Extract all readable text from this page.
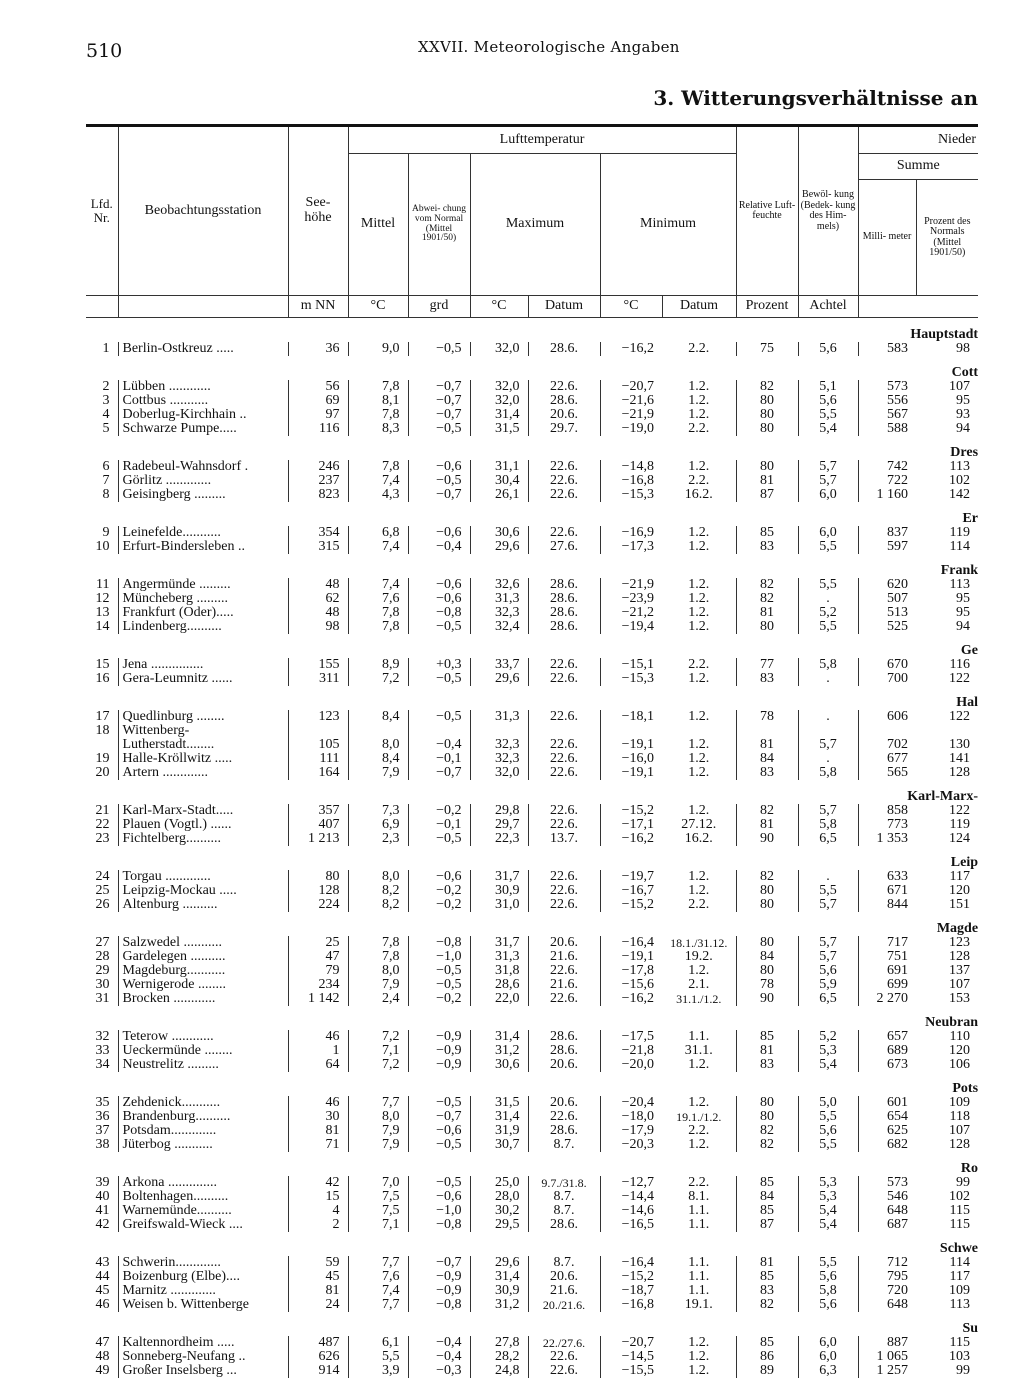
510	XXVII. Meteorologische Angaben
3. Witterungsverhältnisse an
Lfd. Nr.	Beobachtungsstation	See- höhe	Lufttemperatur						Relative Luft- feuchte	Bewöl- kung (Bedek- kung des Him- mels)	Nieder	
			Mittel	Abwei- chung vom Normal (Mittel 1901/50)	Maximum		Minimum				Summe	
											Milli- meter	Prozent des Normals (Mittel 1901/50)
		m NN	°C	grd	°C	Datum	°C	Datum	Prozent	Achtel		
Hauptstadt												
1	Berlin-Ostkreuz .....	36	9,0	−0,5	32,0	28.6.	−16,2	2.2.	75	5,6	583	98
Cott												
2	Lübben ............	56	7,8	−0,7	32,0	22.6.	−20,7	1.2.	82	5,1	573	107
3	Cottbus ...........	69	8,1	−0,7	32,0	28.6.	−21,6	1.2.	80	5,6	556	95
4	Doberlug-Kirchhain ..	97	7,8	−0,7	31,4	20.6.	−21,9	1.2.	80	5,5	567	93
5	Schwarze Pumpe.....	116	8,3	−0,5	31,5	29.7.	−19,0	2.2.	80	5,4	588	94
Dres												
6	Radebeul-Wahnsdorf .	246	7,8	−0,6	31,1	22.6.	−14,8	1.2.	80	5,7	742	113
7	Görlitz .............	237	7,4	−0,5	30,4	22.6.	−16,8	2.2.	81	5,7	722	102
8	Geisingberg .........	823	4,3	−0,7	26,1	22.6.	−15,3	16.2.	87	6,0	1 160	142
Er												
9	Leinefelde...........	354	6,8	−0,6	30,6	22.6.	−16,9	1.2.	85	6,0	837	119
10	Erfurt-Bindersleben ..	315	7,4	−0,4	29,6	27.6.	−17,3	1.2.	83	5,5	597	114
Frank												
11	Angermünde .........	48	7,4	−0,6	32,6	28.6.	−21,9	1.2.	82	5,5	620	113
12	Müncheberg .........	62	7,6	−0,6	31,3	28.6.	−23,9	1.2.	82	.	507	95
13	Frankfurt (Oder).....	48	7,8	−0,8	32,3	28.6.	−21,2	1.2.	81	5,2	513	95
14	Lindenberg..........	98	7,8	−0,5	32,4	28.6.	−19,4	1.2.	80	5,5	525	94
Ge												
15	Jena ...............	155	8,9	+0,3	33,7	22.6.	−15,1	2.2.	77	5,8	670	116
16	Gera-Leumnitz ......	311	7,2	−0,5	29,6	22.6.	−15,3	1.2.	83	.	700	122
Hal												
17	Quedlinburg ........	123	8,4	−0,5	31,3	22.6.	−18,1	1.2.	78	.	606	122
18	Wittenberg-											
	Lutherstadt........	105	8,0	−0,4	32,3	22.6.	−19,1	1.2.	81	5,7	702	130
19	Halle-Kröllwitz .....	111	8,4	−0,1	32,3	22.6.	−16,0	1.2.	84	.	677	141
20	Artern .............	164	7,9	−0,7	32,0	22.6.	−19,1	1.2.	83	5,8	565	128
Karl-Marx-												
21	Karl-Marx-Stadt.....	357	7,3	−0,2	29,8	22.6.	−15,2	1.2.	82	5,7	858	122
22	Plauen (Vogtl.) ......	407	6,9	−0,1	29,7	22.6.	−17,1	27.12.	81	5,8	773	119
23	Fichtelberg..........	1 213	2,3	−0,5	22,3	13.7.	−16,2	16.2.	90	6,5	1 353	124
Leip												
24	Torgau .............	80	8,0	−0,6	31,7	22.6.	−19,7	1.2.	82	.	633	117
25	Leipzig-Mockau .....	128	8,2	−0,2	30,9	22.6.	−16,7	1.2.	80	5,5	671	120
26	Altenburg ..........	224	8,2	−0,2	31,0	22.6.	−15,2	2.2.	80	5,7	844	151
Magde												
27	Salzwedel ...........	25	7,8	−0,8	31,7	20.6.	−16,4	18.1./31.12.	80	5,7	717	123
28	Gardelegen ..........	47	7,8	−1,0	31,3	21.6.	−19,1	19.2.	84	5,7	751	128
29	Magdeburg...........	79	8,0	−0,5	31,8	22.6.	−17,8	1.2.	80	5,6	691	137
30	Wernigerode ........	234	7,9	−0,5	28,6	21.6.	−15,6	2.1.	78	5,9	699	107
31	Brocken ............	1 142	2,4	−0,2	22,0	22.6.	−16,2	31.1./1.2.	90	6,5	2 270	153
Neubran												
32	Teterow ............	46	7,2	−0,9	31,4	28.6.	−17,5	1.1.	85	5,2	657	110
33	Ueckermünde ........	1	7,1	−0,9	31,2	28.6.	−21,8	31.1.	81	5,3	689	120
34	Neustrelitz .........	64	7,2	−0,9	30,6	20.6.	−20,0	1.2.	83	5,4	673	106
Pots												
35	Zehdenick...........	46	7,7	−0,5	31,5	20.6.	−20,4	1.2.	80	5,0	601	109
36	Brandenburg..........	30	8,0	−0,7	31,4	22.6.	−18,0	19.1./1.2.	80	5,5	654	118
37	Potsdam.............	81	7,9	−0,6	31,9	28.6.	−17,9	2.2.	82	5,6	625	107
38	Jüterbog ...........	71	7,9	−0,5	30,7	8.7.	−20,3	1.2.	82	5,5	682	128
Ro												
39	Arkona ..............	42	7,0	−0,5	25,0	9.7./31.8.	−12,7	2.2.	85	5,3	573	99
40	Boltenhagen..........	15	7,5	−0,6	28,0	8.7.	−14,4	8.1.	84	5,3	546	102
41	Warnemünde..........	4	7,5	−1,0	30,2	8.7.	−14,6	1.1.	85	5,4	648	115
42	Greifswald-Wieck ....	2	7,1	−0,8	29,5	28.6.	−16,5	1.1.	87	5,4	687	115
Schwe												
43	Schwerin.............	59	7,7	−0,7	29,6	8.7.	−16,4	1.1.	81	5,5	712	114
44	Boizenburg (Elbe)....	45	7,6	−0,9	31,4	20.6.	−15,2	1.1.	85	5,6	795	117
45	Marnitz .............	81	7,4	−0,9	30,9	21.6.	−18,7	1.1.	83	5,8	720	109
46	Weisen b. Wittenberge	24	7,7	−0,8	31,2	20./21.6.	−16,8	19.1.	82	5,6	648	113
Su												
47	Kaltennordheim .....	487	6,1	−0,4	27,8	22./27.6.	−20,7	1.2.	85	6,0	887	115
48	Sonneberg-Neufang ..	626	5,5	−0,4	28,2	22.6.	−14,5	1.2.	86	6,0	1 065	103
49	Großer Inselsberg ...	914	3,9	−0,3	24,8	22.6.	−15,5	1.2.	89	6,3	1 257	99
